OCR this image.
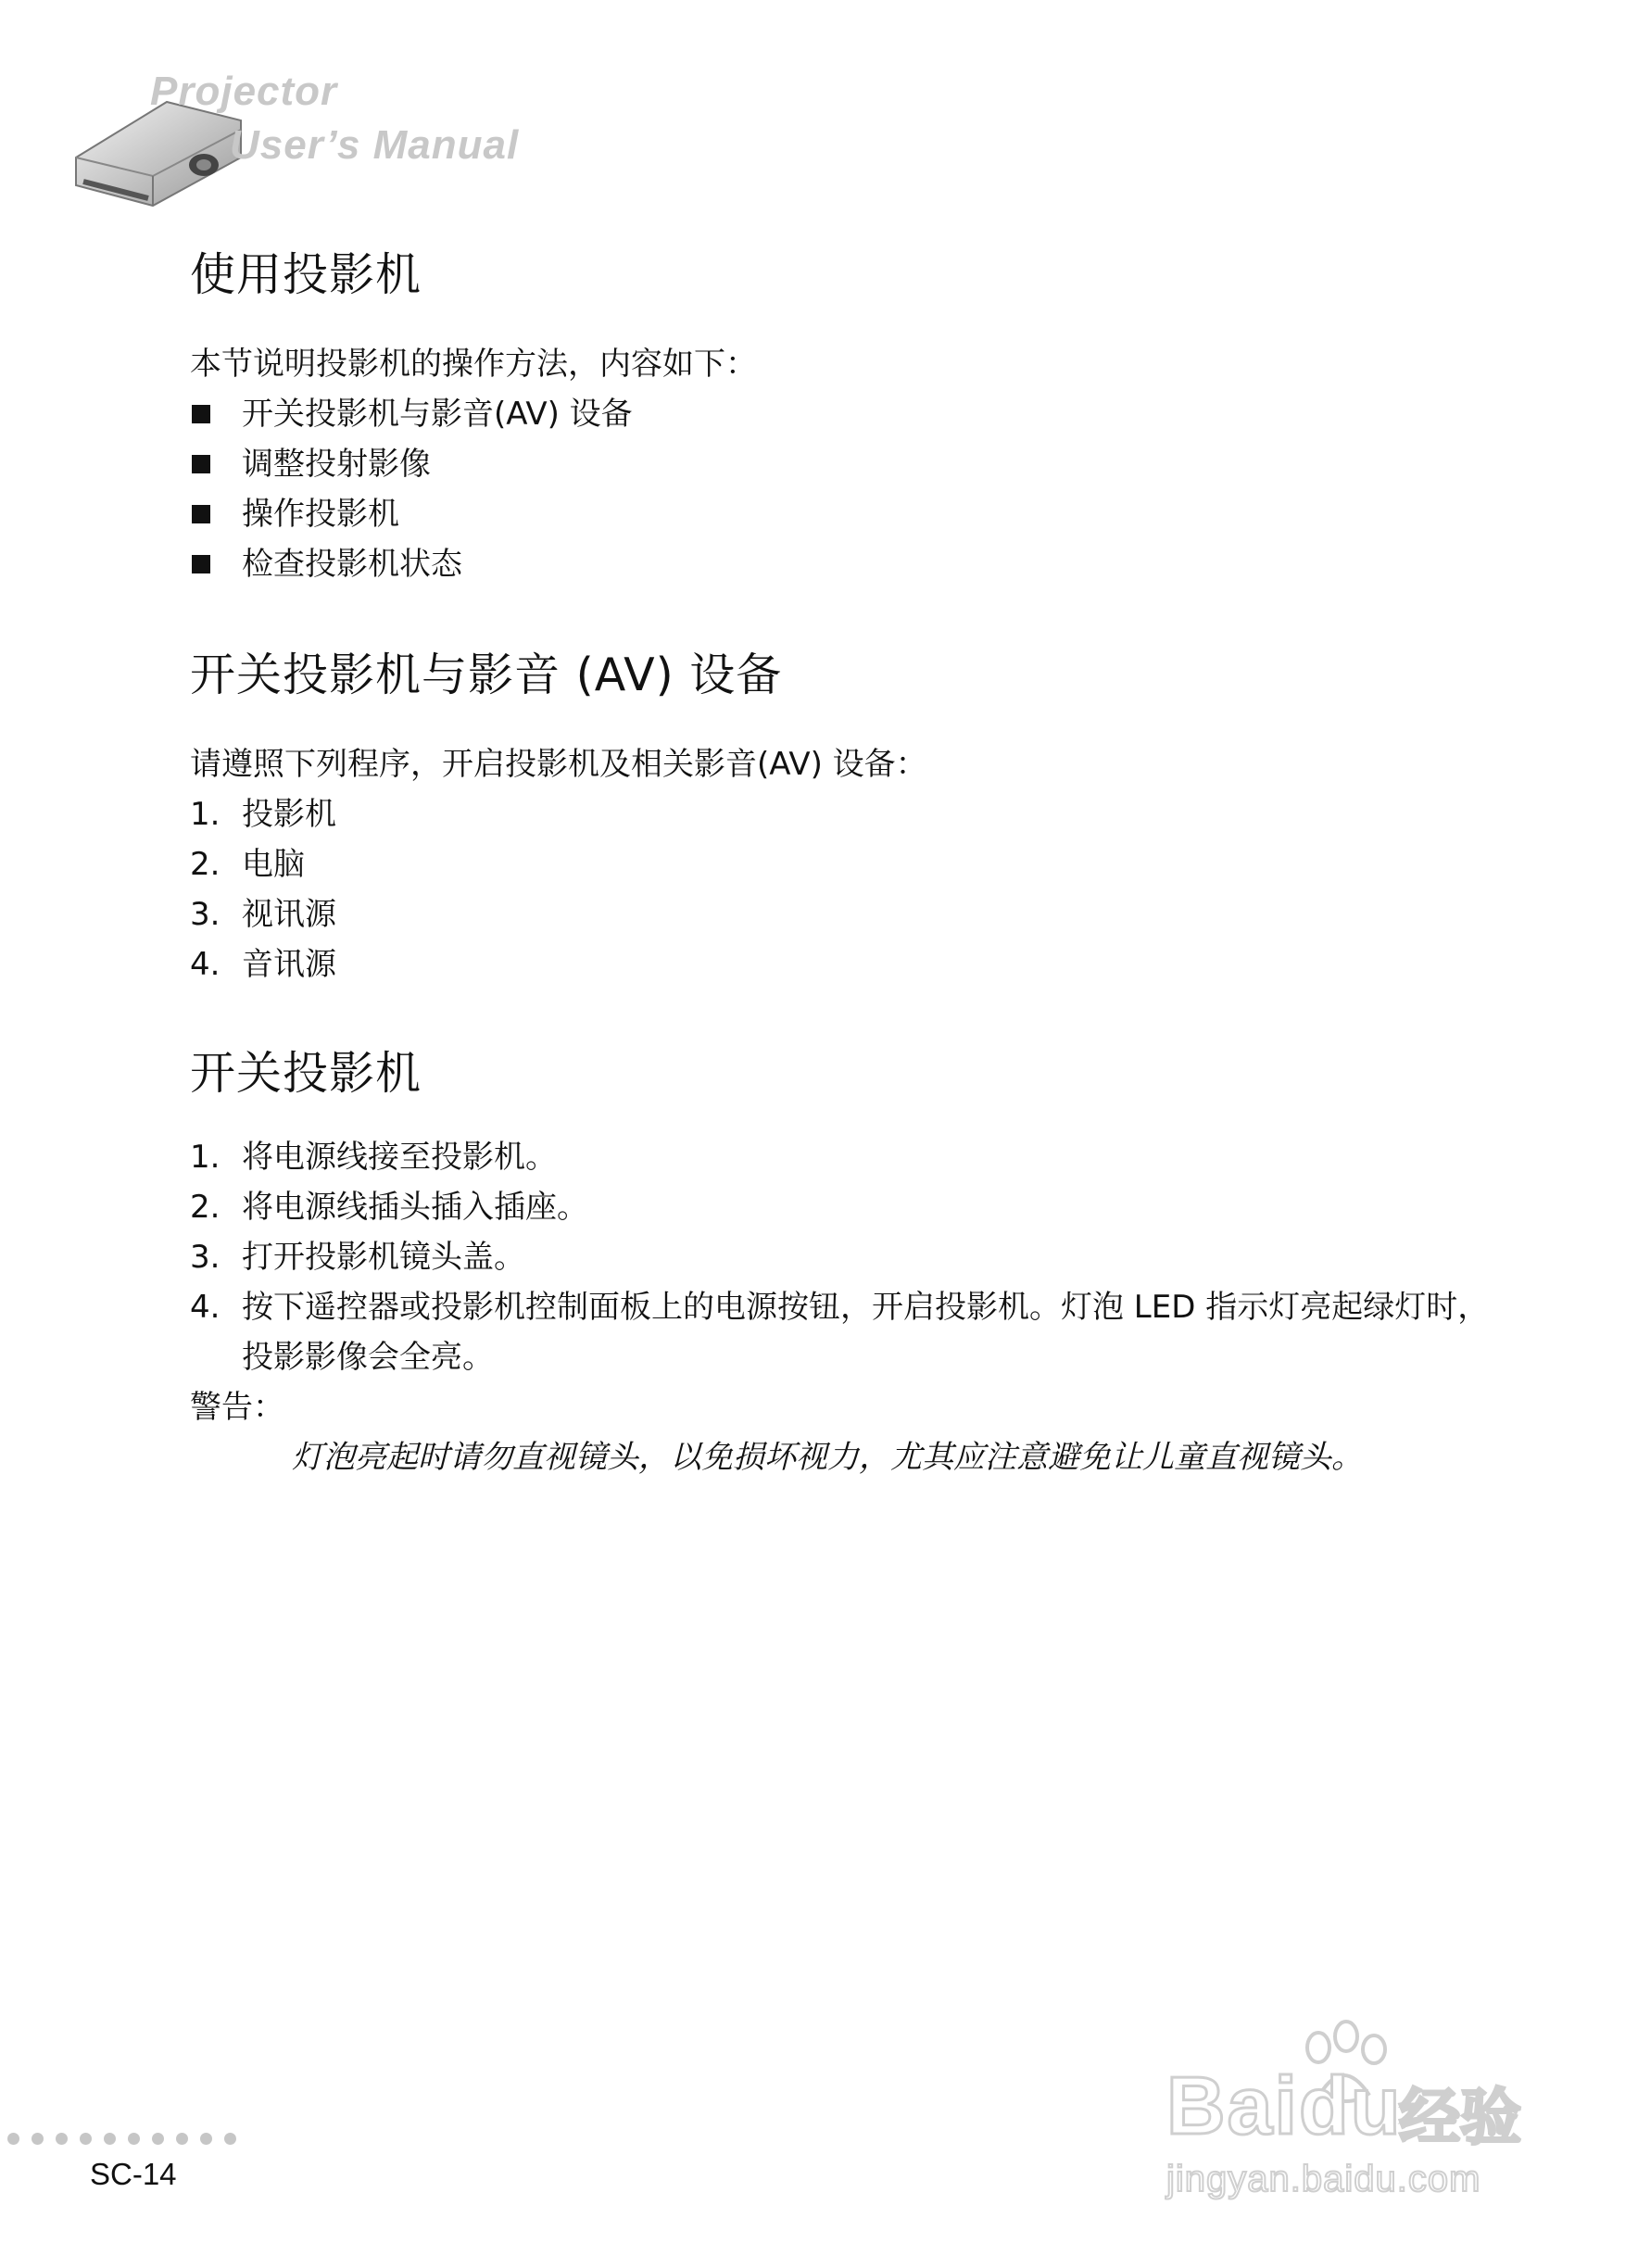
Projector
User’s Manual
使用投影机

本节说明投影机的操作方法，内容如下：

开关投影机与影音(AV) 设备
调整投射影像
操作投影机
检查投影机状态
开关投影机与影音 (AV) 设备

请遵照下列程序，开启投影机及相关影音(AV) 设备：

1. 投影机
2. 电脑
3. 视讯源
4. 音讯源
开关投影机
1. 将电源线接至投影机。
2. 将电源线插头插入插座。
3. 打开投影机镜头盖。
4. 按下遥控器或投影机控制面板上的电源按钮，开启投影机。灯泡 LED 指示灯亮起绿灯时，投影影像会全亮。
警告：
灯泡亮起时请勿直视镜头，以免损坏视力，尤其应注意避免让儿童直视镜头。
SC-14
Baidu
经验
jingyan.baidu.com
